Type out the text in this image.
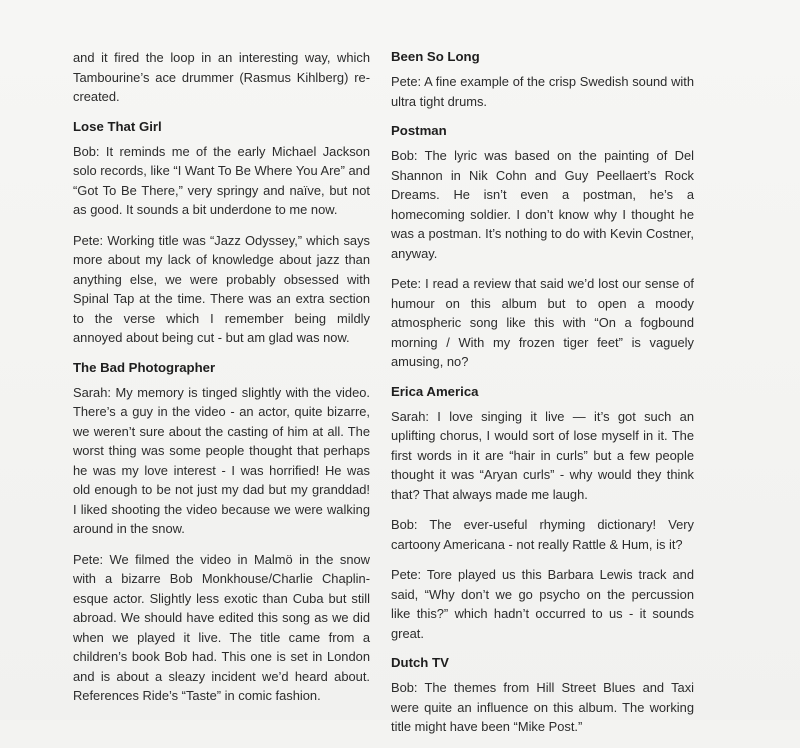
and it fired the loop in an interesting way, which Tambourine’s ace drummer (Rasmus Kihlberg) re-created.

Lose That Girl

Bob: It reminds me of the early Michael Jackson solo records, like “I Want To Be Where You Are” and “Got To Be There,” very springy and naïve, but not as good. It sounds a bit underdone to me now.

Pete: Working title was “Jazz Odyssey,” which says more about my lack of knowledge about jazz than anything else, we were probably obsessed with Spinal Tap at the time. There was an extra section to the verse which I remember being mildly annoyed about being cut - but am glad was now.

The Bad Photographer

Sarah: My memory is tinged slightly with the video. There’s a guy in the video - an actor, quite bizarre, we weren’t sure about the casting of him at all. The worst thing was some people thought that perhaps he was my love interest - I was horrified! He was old enough to be not just my dad but my granddad! I liked shooting the video because we were walking around in the snow.

Pete: We filmed the video in Malmö in the snow with a bizarre Bob Monkhouse/Charlie Chaplin-esque actor. Slightly less exotic than Cuba but still abroad. We should have edited this song as we did when we played it live. The title came from a children’s book Bob had. This one is set in London and is about a sleazy incident we’d heard about. References Ride’s “Taste” in comic fashion.

Been So Long

Pete: A fine example of the crisp Swedish sound with ultra tight drums.

Postman

Bob: The lyric was based on the painting of Del Shannon in Nik Cohn and Guy Peellaert’s Rock Dreams. He isn’t even a postman, he’s a homecoming soldier. I don’t know why I thought he was a postman. It’s nothing to do with Kevin Costner, anyway.

Pete: I read a review that said we’d lost our sense of humour on this album but to open a moody atmospheric song like this with “On a fogbound morning / With my frozen tiger feet” is vaguely amusing, no?

Erica America

Sarah: I love singing it live — it’s got such an uplifting chorus, I would sort of lose myself in it. The first words in it are “hair in curls” but a few people thought it was “Aryan curls” - why would they think that? That always made me laugh.

Bob: The ever-useful rhyming dictionary! Very cartoony Americana - not really Rattle & Hum, is it?

Pete: Tore played us this Barbara Lewis track and said, “Why don’t we go psycho on the percussion like this?” which hadn’t occurred to us - it sounds great.

Dutch TV

Bob: The themes from Hill Street Blues and Taxi were quite an influence on this album. The working title might have been “Mike Post.”
